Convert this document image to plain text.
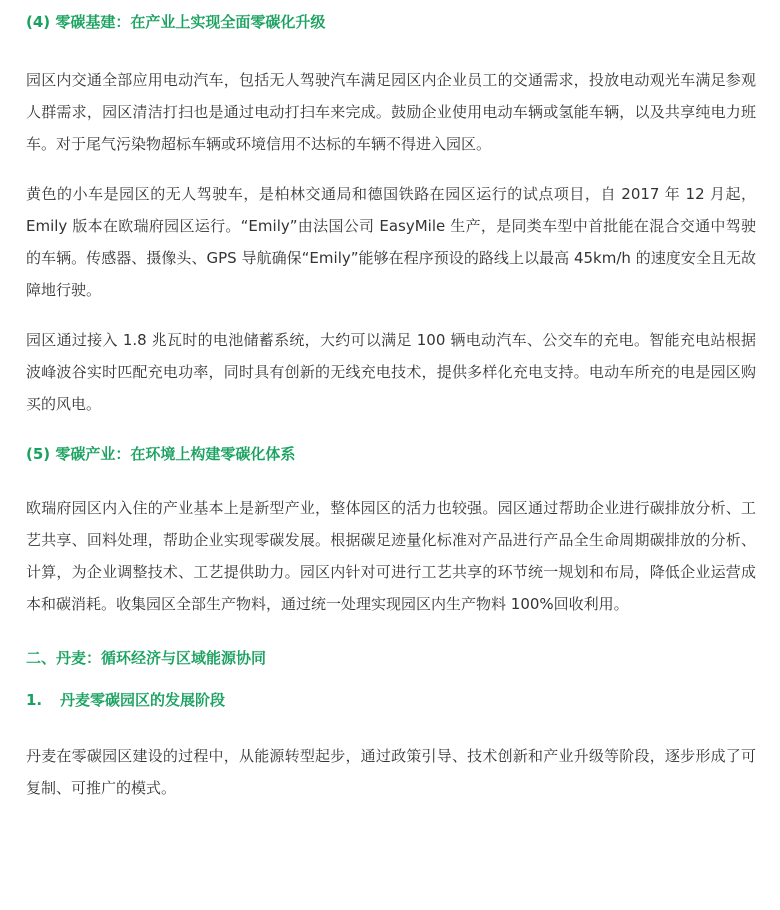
(4) 零碳基建：在产业上实现全面零碳化升级

园区内交通全部应用电动汽车，包括无人驾驶汽车满足园区内企业员工的交通需求，投放电动观光车满足参观人群需求，园区清洁打扫也是通过电动打扫车来完成。鼓励企业使用电动车辆或氢能车辆，以及共享纯电力班车。对于尾气污染物超标车辆或环境信用不达标的车辆不得进入园区。

黄色的小车是园区的无人驾驶车，是柏林交通局和德国铁路在园区运行的试点项目，自 2017 年 12 月起，Emily 版本在欧瑞府园区运行。“Emily”由法国公司 EasyMile 生产，是同类车型中首批能在混合交通中驾驶的车辆。传感器、摄像头、GPS 导航确保“Emily”能够在程序预设的路线上以最高 45km/h 的速度安全且无故障地行驶。

园区通过接入 1.8 兆瓦时的电池储蓄系统，大约可以满足 100 辆电动汽车、公交车的充电。智能充电站根据波峰波谷实时匹配充电功率，同时具有创新的无线充电技术，提供多样化充电支持。电动车所充的电是园区购买的风电。

(5) 零碳产业：在环境上构建零碳化体系

欧瑞府园区内入住的产业基本上是新型产业，整体园区的活力也较强。园区通过帮助企业进行碳排放分析、工艺共享、回料处理，帮助企业实现零碳发展。根据碳足迹量化标准对产品进行产品全生命周期碳排放的分析、计算，为企业调整技术、工艺提供助力。园区内针对可进行工艺共享的环节统一规划和布局，降低企业运营成本和碳消耗。收集园区全部生产物料，通过统一处理实现园区内生产物料 100%回收利用。

二、丹麦：循环经济与区域能源协同
1. 丹麦零碳园区的发展阶段

丹麦在零碳园区建设的过程中，从能源转型起步，通过政策引导、技术创新和产业升级等阶段，逐步形成了可复制、可推广的模式。
